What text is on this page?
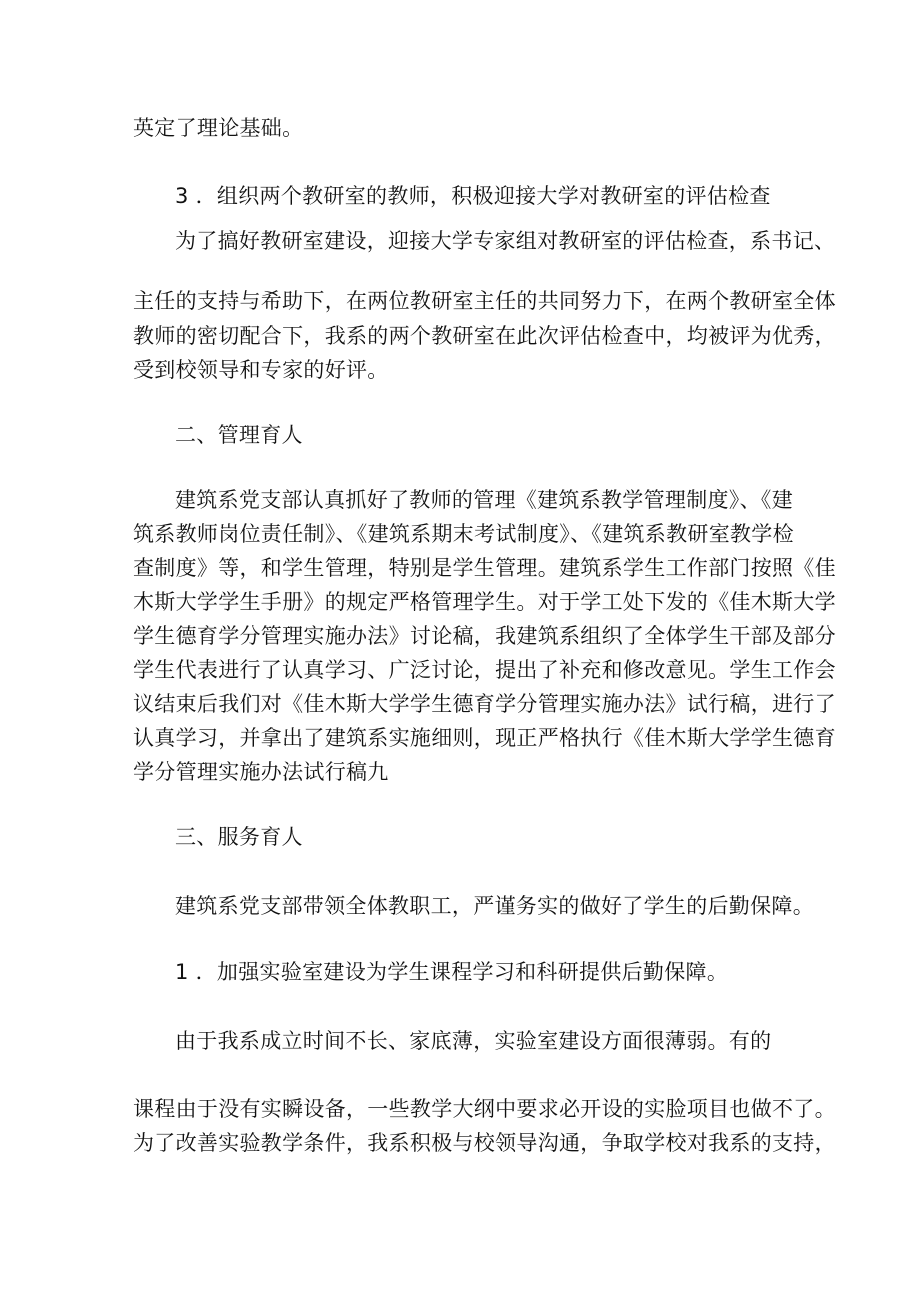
英定了理论基础。
3 ．组织两个教研室的教师，积极迎接大学对教研室的评估检查
为了搞好教研室建设，迎接大学专家组对教研室的评估检查，系书记、
主任的支持与希助下，在两位教研室主任的共同努力下，在两个教研室全体
教师的密切配合下，我系的两个教研室在此次评估检查中，均被评为优秀，
受到校领导和专家的好评。
二、管理育人
建筑系党支部认真抓好了教师的管理《建筑系教学管理制度》、《建
筑系教师岗位责任制》、《建筑系期末考试制度》、《建筑系教研室教学检
查制度》等，和学生管理，特别是学生管理。建筑系学生工作部门按照《佳
木斯大学学生手册》的规定严格管理学生。对于学工处下发的《佳木斯大学
学生德育学分管理实施办法》讨论稿，我建筑系组织了全体学生干部及部分
学生代表进行了认真学习、广泛讨论，提出了补充和修改意见。学生工作会
议结束后我们对《佳木斯大学学生德育学分管理实施办法》试行稿，进行了
认真学习，并拿出了建筑系实施细则，现正严格执行《佳木斯大学学生德育
学分管理实施办法试行稿九
三、服务育人
建筑系党支部带领全体教职工，严谨务实的做好了学生的后勤保障。
1 ．加强实验室建设为学生课程学习和科研提供后勤保障。
由于我系成立时间不长、家底薄，实验室建设方面很薄弱。有的
课程由于没有实瞬设备，一些教学大纲中要求必开设的实脸项目也做不了。
为了改善实验教学条件，我系积极与校领导沟通，争取学校对我系的支持，
